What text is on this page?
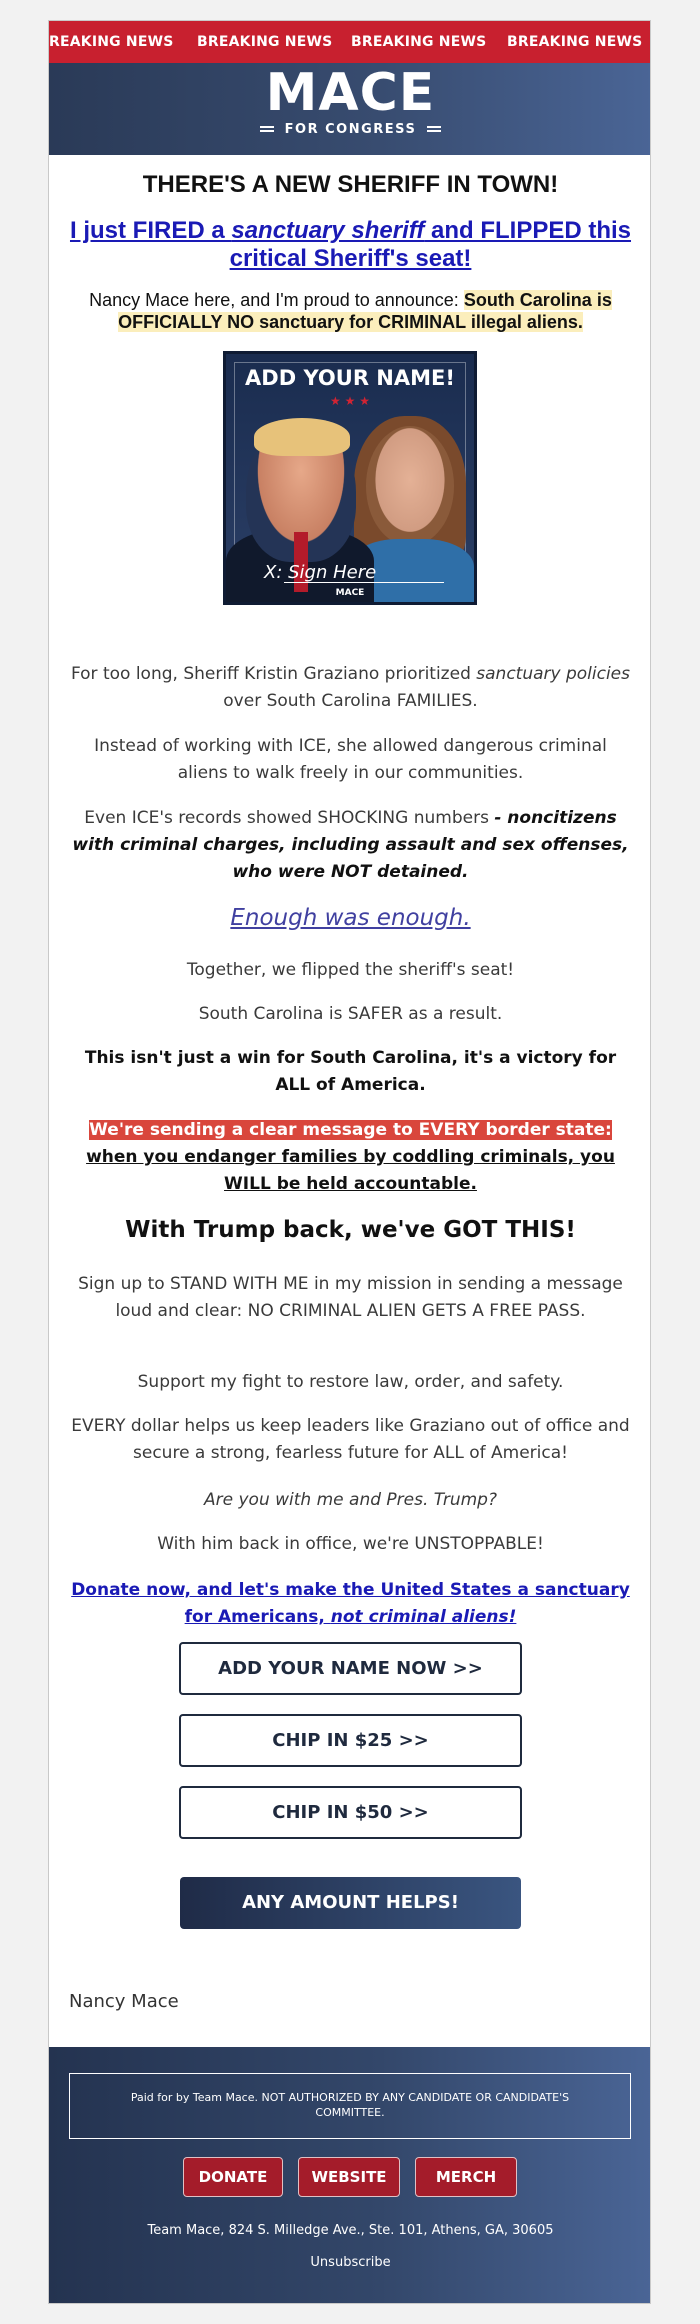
REAKING NEWS BREAKING NEWS BREAKING NEWS BREAKING NEWS
MACE
FOR CONGRESS
THERE'S A NEW SHERIFF IN TOWN!
I just FIRED a sanctuary sheriff and FLIPPED this critical Sheriff's seat!
Nancy Mace here, and I'm proud to announce: South Carolina is OFFICIALLY NO sanctuary for CRIMINAL illegal aliens.
ADD YOUR NAME!
★ ★ ★
X: Sign Here
MACE
For too long, Sheriff Kristin Graziano prioritized sanctuary policies over South Carolina FAMILIES.
Instead of working with ICE, she allowed dangerous criminal aliens to walk freely in our communities.
Even ICE's records showed SHOCKING numbers - noncitizens with criminal charges, including assault and sex offenses, who were NOT detained.
Enough was enough.
Together, we flipped the sheriff's seat!
South Carolina is SAFER as a result.
This isn't just a win for South Carolina, it's a victory for ALL of America.
We're sending a clear message to EVERY border state: when you endanger families by coddling criminals, you WILL be held accountable.
With Trump back, we've GOT THIS!
Sign up to STAND WITH ME in my mission in sending a message loud and clear: NO CRIMINAL ALIEN GETS A FREE PASS.
Support my fight to restore law, order, and safety.
EVERY dollar helps us keep leaders like Graziano out of office and secure a strong, fearless future for ALL of America!
Are you with me and Pres. Trump?
With him back in office, we're UNSTOPPABLE!
Donate now, and let's make the United States a sanctuary for Americans, not criminal aliens!
ADD YOUR NAME NOW >>
CHIP IN $25 >>
CHIP IN $50 >>
ANY AMOUNT HELPS!
Nancy Mace
Paid for by Team Mace. NOT AUTHORIZED BY ANY CANDIDATE OR CANDIDATE'S COMMITTEE.
DONATE	WEBSITE	MERCH
Team Mace, 824 S. Milledge Ave., Ste. 101, Athens, GA, 30605
Unsubscribe
